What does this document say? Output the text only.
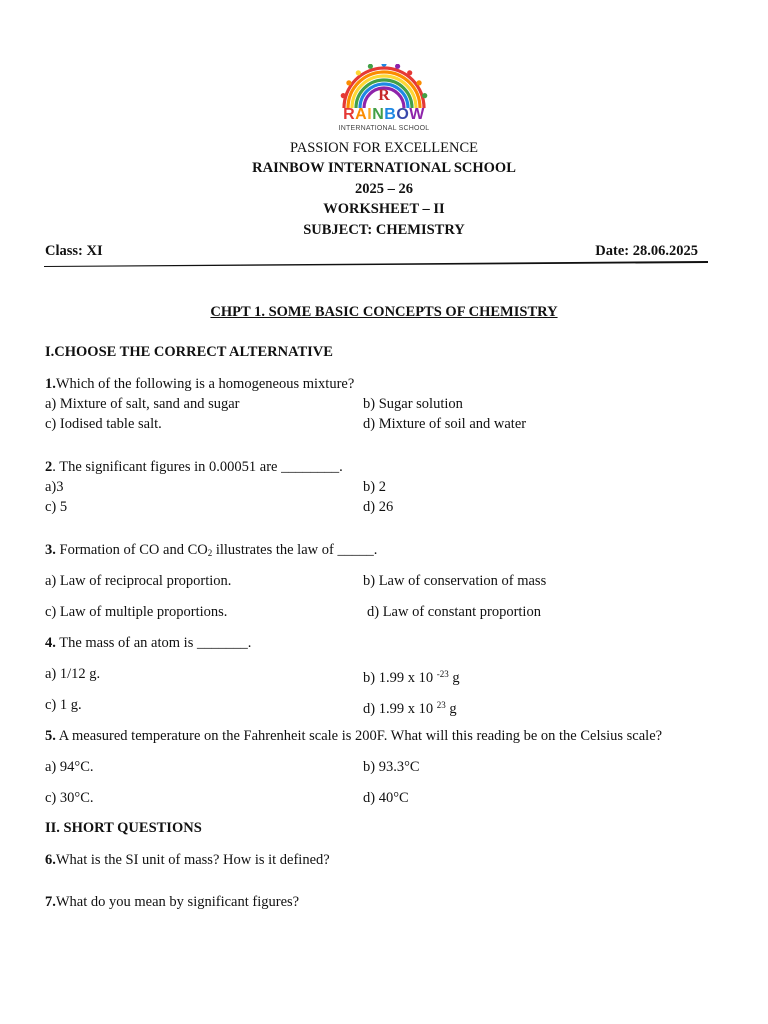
R
RAINBOW
INTERNATIONAL SCHOOL
PASSION FOR EXCELLENCE
RAINBOW INTERNATIONAL SCHOOL
2025 – 26
WORKSHEET – II
SUBJECT: CHEMISTRY
Class: XI	Date: 28.06.2025
CHPT 1. SOME BASIC CONCEPTS OF CHEMISTRY
I.CHOOSE THE CORRECT ALTERNATIVE
1.Which of the following is a homogeneous mixture?
a) Mixture of salt, sand and sugar	b) Sugar solution
c) Iodised table salt.	d) Mixture of soil and water
2. The significant figures in 0.00051 are ________.
a)3	b) 2
c) 5	d) 26
3. Formation of CO and $CO_2$ illustrates the law of _____.
a) Law of reciprocal proportion.	b) Law of conservation of mass
c) Law of multiple proportions.	d) Law of constant proportion
4. The mass of an atom is _______.
a) 1/12 g.	b) 1.99 x 10 $^{-23}$ g
c) 1 g.	d) 1.99 x 10 $^{23}$ g
5. A measured temperature on the Fahrenheit scale is 200F. What will this reading be on the Celsius scale?
a) 94°C.	b) 93.3°C
c) 30°C.	d) 40°C
II. SHORT QUESTIONS
6.What is the SI unit of mass? How is it defined?
7.What do you mean by significant figures?
